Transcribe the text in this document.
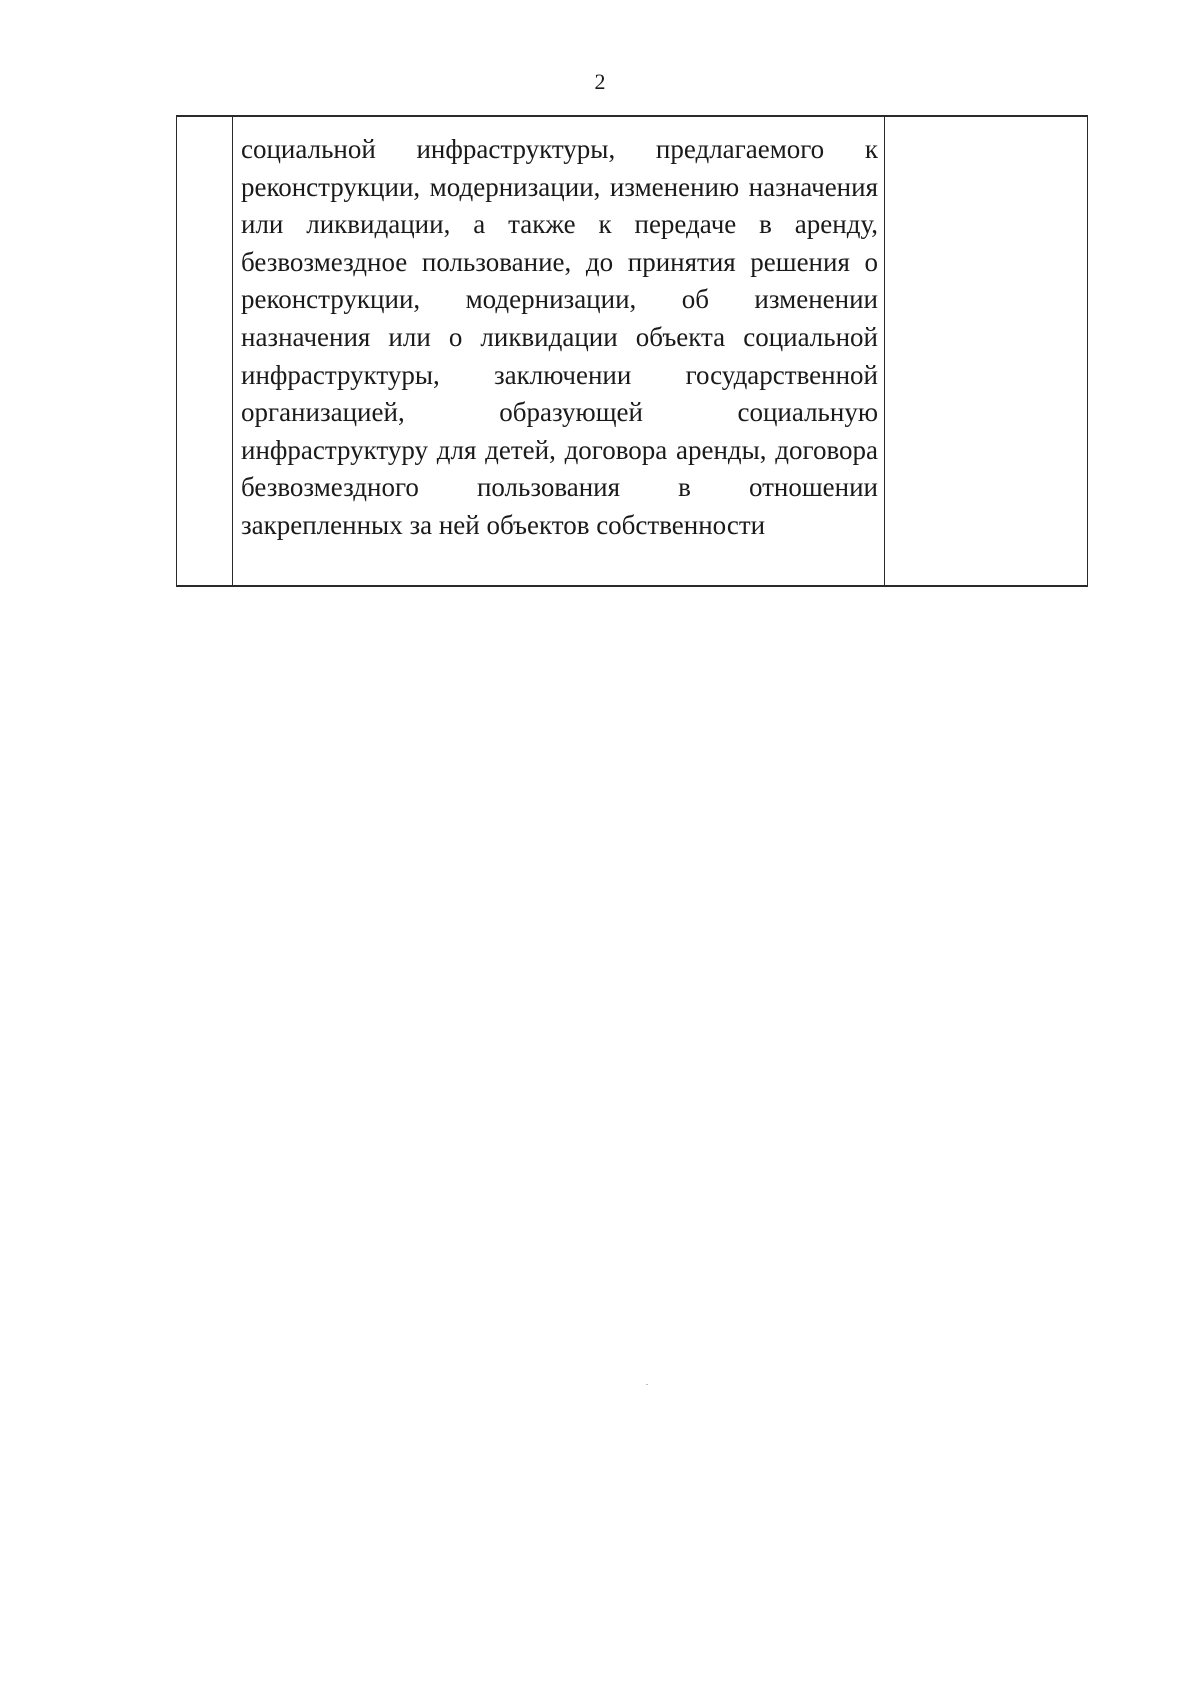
2

социальной инфраструктуры, предлагаемого к реконструкции, модернизации, изменению назначения или ликвидации, а также к передаче в аренду, безвозмездное пользование, до принятия решения о реконструкции, модернизации, об изменении назначения или о ликвидации объекта социальной инфраструктуры, заключении государственной организацией, образующей социальную инфраструктуру для детей, договора аренды, договора безвозмездного пользования в отношении закрепленных за ней объектов собственности
